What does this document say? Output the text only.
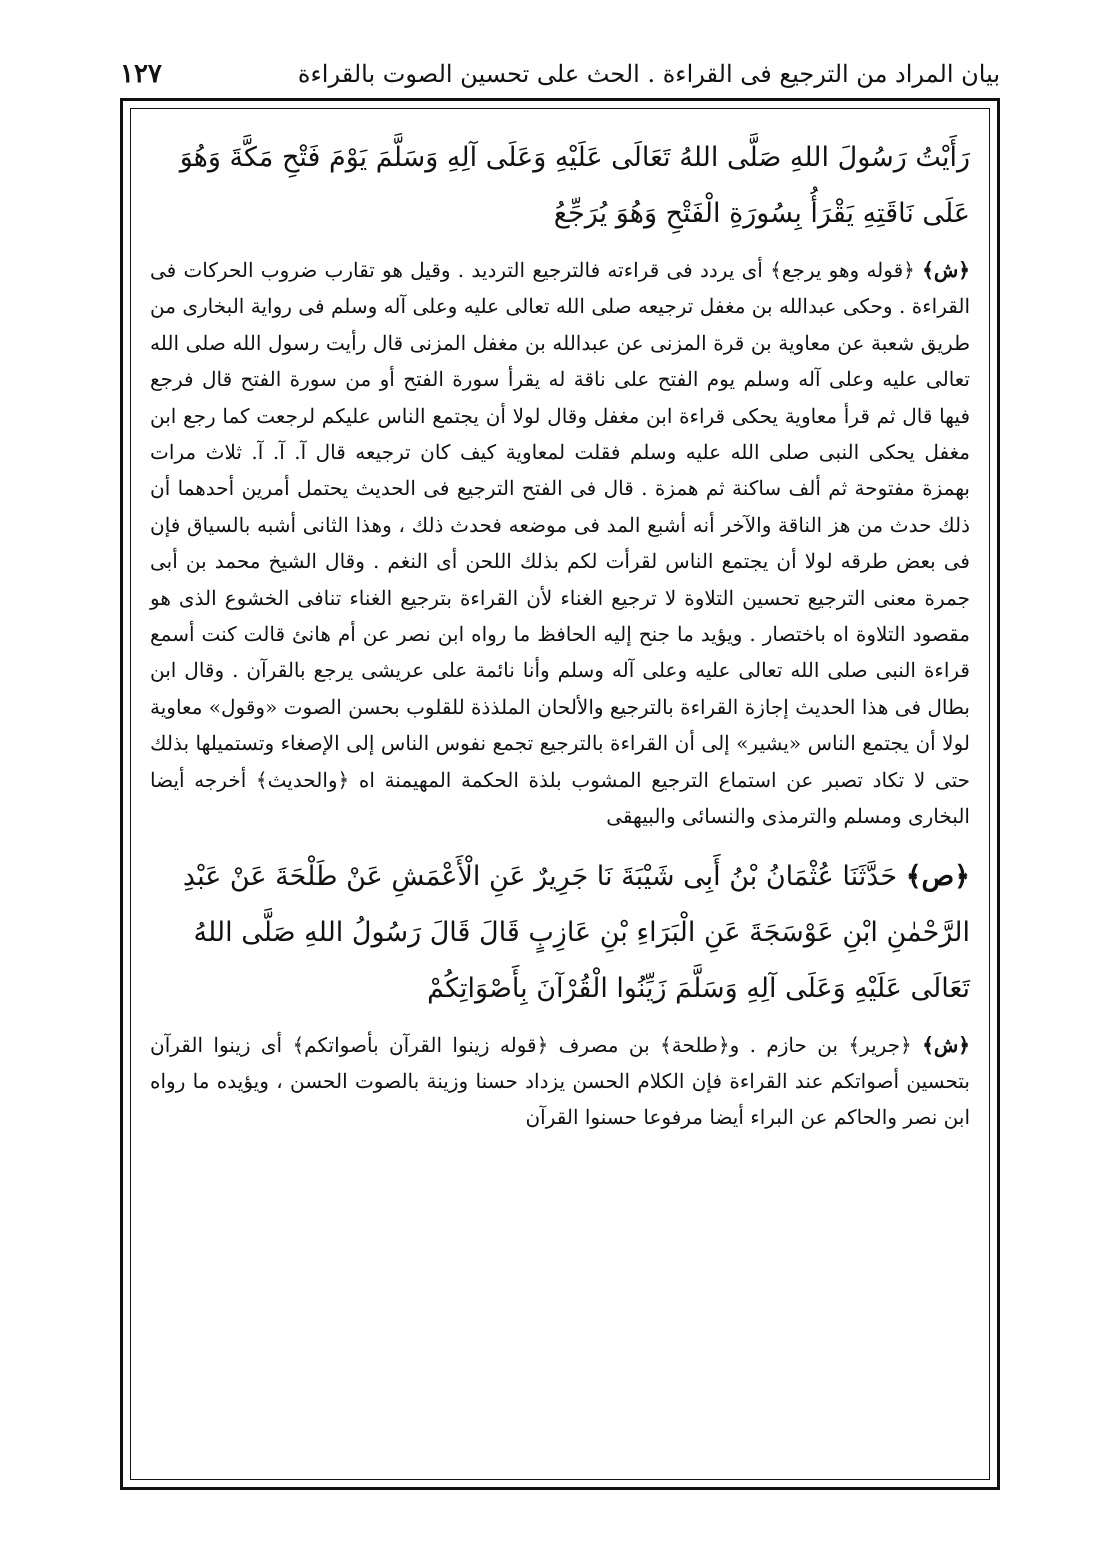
بيان المراد من الترجيع فى القراءة . الحث على تحسين الصوت بالقراءة
١٢٧

رَأَيْتُ رَسُولَ اللهِ صَلَّى اللهُ تَعَالَى عَلَيْهِ وَعَلَى آلِهِ وَسَلَّمَ يَوْمَ فَتْحِ مَكَّةَ وَهُوَ عَلَى نَاقَتِهِ يَقْرَأُ بِسُورَةِ الْفَتْحِ وَهُوَ يُرَجِّعُ

﴿ش﴾ ﴿قوله وهو يرجع﴾ أى يردد فى قراءته فالترجيع الترديد . وقيل هو تقارب ضروب الحركات فى القراءة . وحكى عبدالله بن مغفل ترجيعه صلى الله تعالى عليه وعلى آله وسلم فى رواية البخارى من طريق شعبة عن معاوية بن قرة المزنى عن عبدالله بن مغفل المزنى قال رأيت رسول الله صلى الله تعالى عليه وعلى آله وسلم يوم الفتح على ناقة له يقرأ سورة الفتح أو من سورة الفتح قال فرجع فيها قال ثم قرأ معاوية يحكى قراءة ابن مغفل وقال لولا أن يجتمع الناس عليكم لرجعت كما رجع ابن مغفل يحكى النبى صلى الله عليه وسلم فقلت لمعاوية كيف كان ترجيعه قال آ. آ. آ. ثلاث مرات بهمزة مفتوحة ثم ألف ساكنة ثم همزة . قال فى الفتح الترجيع فى الحديث يحتمل أمرين أحدهما أن ذلك حدث من هز الناقة والآخر أنه أشبع المد فى موضعه فحدث ذلك ، وهذا الثانى أشبه بالسياق فإن فى بعض طرقه لولا أن يجتمع الناس لقرأت لكم بذلك اللحن أى النغم . وقال الشيخ محمد بن أبى جمرة معنى الترجيع تحسين التلاوة لا ترجيع الغناء لأن القراءة بترجيع الغناء تنافى الخشوع الذى هو مقصود التلاوة اه باختصار . ويؤيد ما جنح إليه الحافظ ما رواه ابن نصر عن أم هانئ قالت كنت أسمع قراءة النبى صلى الله تعالى عليه وعلى آله وسلم وأنا نائمة على عريشى يرجع بالقرآن . وقال ابن بطال فى هذا الحديث إجازة القراءة بالترجيع والألحان الملذذة للقلوب بحسن الصوت «وقول» معاوية لولا أن يجتمع الناس «يشير» إلى أن القراءة بالترجيع تجمع نفوس الناس إلى الإصغاء وتستميلها بذلك حتى لا تكاد تصبر عن استماع الترجيع المشوب بلذة الحكمة المهيمنة اه ﴿والحديث﴾ أخرجه أيضا البخارى ومسلم والترمذى والنسائى والبيهقى

﴿ص﴾ حَدَّثَنَا عُثْمَانُ بْنُ أَبِى شَيْبَةَ نَا جَرِيرٌ عَنِ الْأَعْمَشِ عَنْ طَلْحَةَ عَنْ عَبْدِ الرَّحْمٰنِ ابْنِ عَوْسَجَةَ عَنِ الْبَرَاءِ بْنِ عَازِبٍ قَالَ قَالَ رَسُولُ اللهِ صَلَّى اللهُ تَعَالَى عَلَيْهِ وَعَلَى آلِهِ وَسَلَّمَ زَيِّنُوا الْقُرْآنَ بِأَصْوَاتِكُمْ

﴿ش﴾ ﴿جرير﴾ بن حازم . و﴿طلحة﴾ بن مصرف ﴿قوله زينوا القرآن بأصواتكم﴾ أى زينوا القرآن بتحسين أصواتكم عند القراءة فإن الكلام الحسن يزداد حسنا وزينة بالصوت الحسن ، ويؤيده ما رواه ابن نصر والحاكم عن البراء أيضا مرفوعا حسنوا القرآن
